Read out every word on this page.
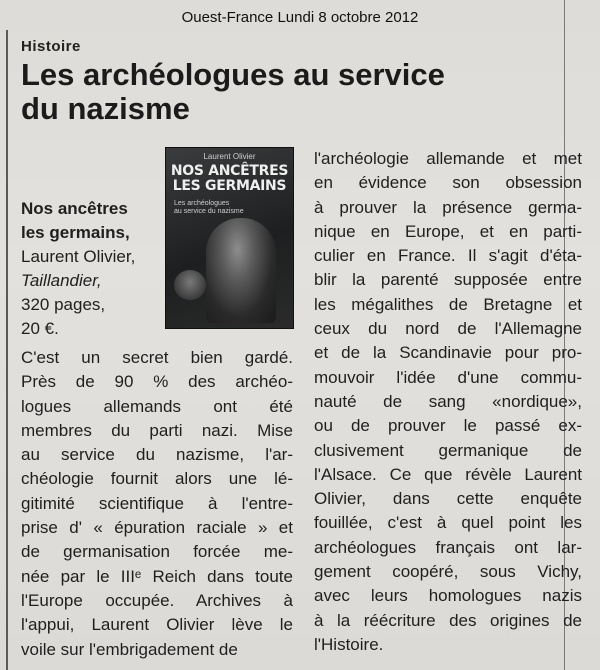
Ouest-France Lundi 8 octobre 2012
Histoire
Les archéologues au service
du nazisme
Laurent Olivier
NOS ANCÊTRES
LES GERMAINS
Les archéologues
au service du nazisme
Nos ancêtres
les germains,
Laurent Olivier,
Taillandier,
320 pages,
20 €.
C'est un secret bien gardé.
Près de 90 % des archéo-
logues allemands ont été
membres du parti nazi. Mise
au service du nazisme, l'ar-
chéologie fournit alors une lé-
gitimité scientifique à l'entre-
prise d' « épuration raciale » et
de germanisation forcée me-
née par le IIIᵉ Reich dans toute
l'Europe occupée. Archives à
l'appui, Laurent Olivier lève le
voile sur l'embrigadement de
l'archéologie allemande et met
en évidence son obsession
à prouver la présence germa-
nique en Europe, et en parti-
culier en France. Il s'agit d'éta-
blir la parenté supposée entre
les mégalithes de Bretagne et
ceux du nord de l'Allemagne
et de la Scandinavie pour pro-
mouvoir l'idée d'une commu-
nauté de sang «nordique»,
ou de prouver le passé ex-
clusivement germanique de
l'Alsace. Ce que révèle Laurent
Olivier, dans cette enquête
fouillée, c'est à quel point les
archéologues français ont lar-
gement coopéré, sous Vichy,
avec leurs homologues nazis
à la réécriture des origines de
l'Histoire.
